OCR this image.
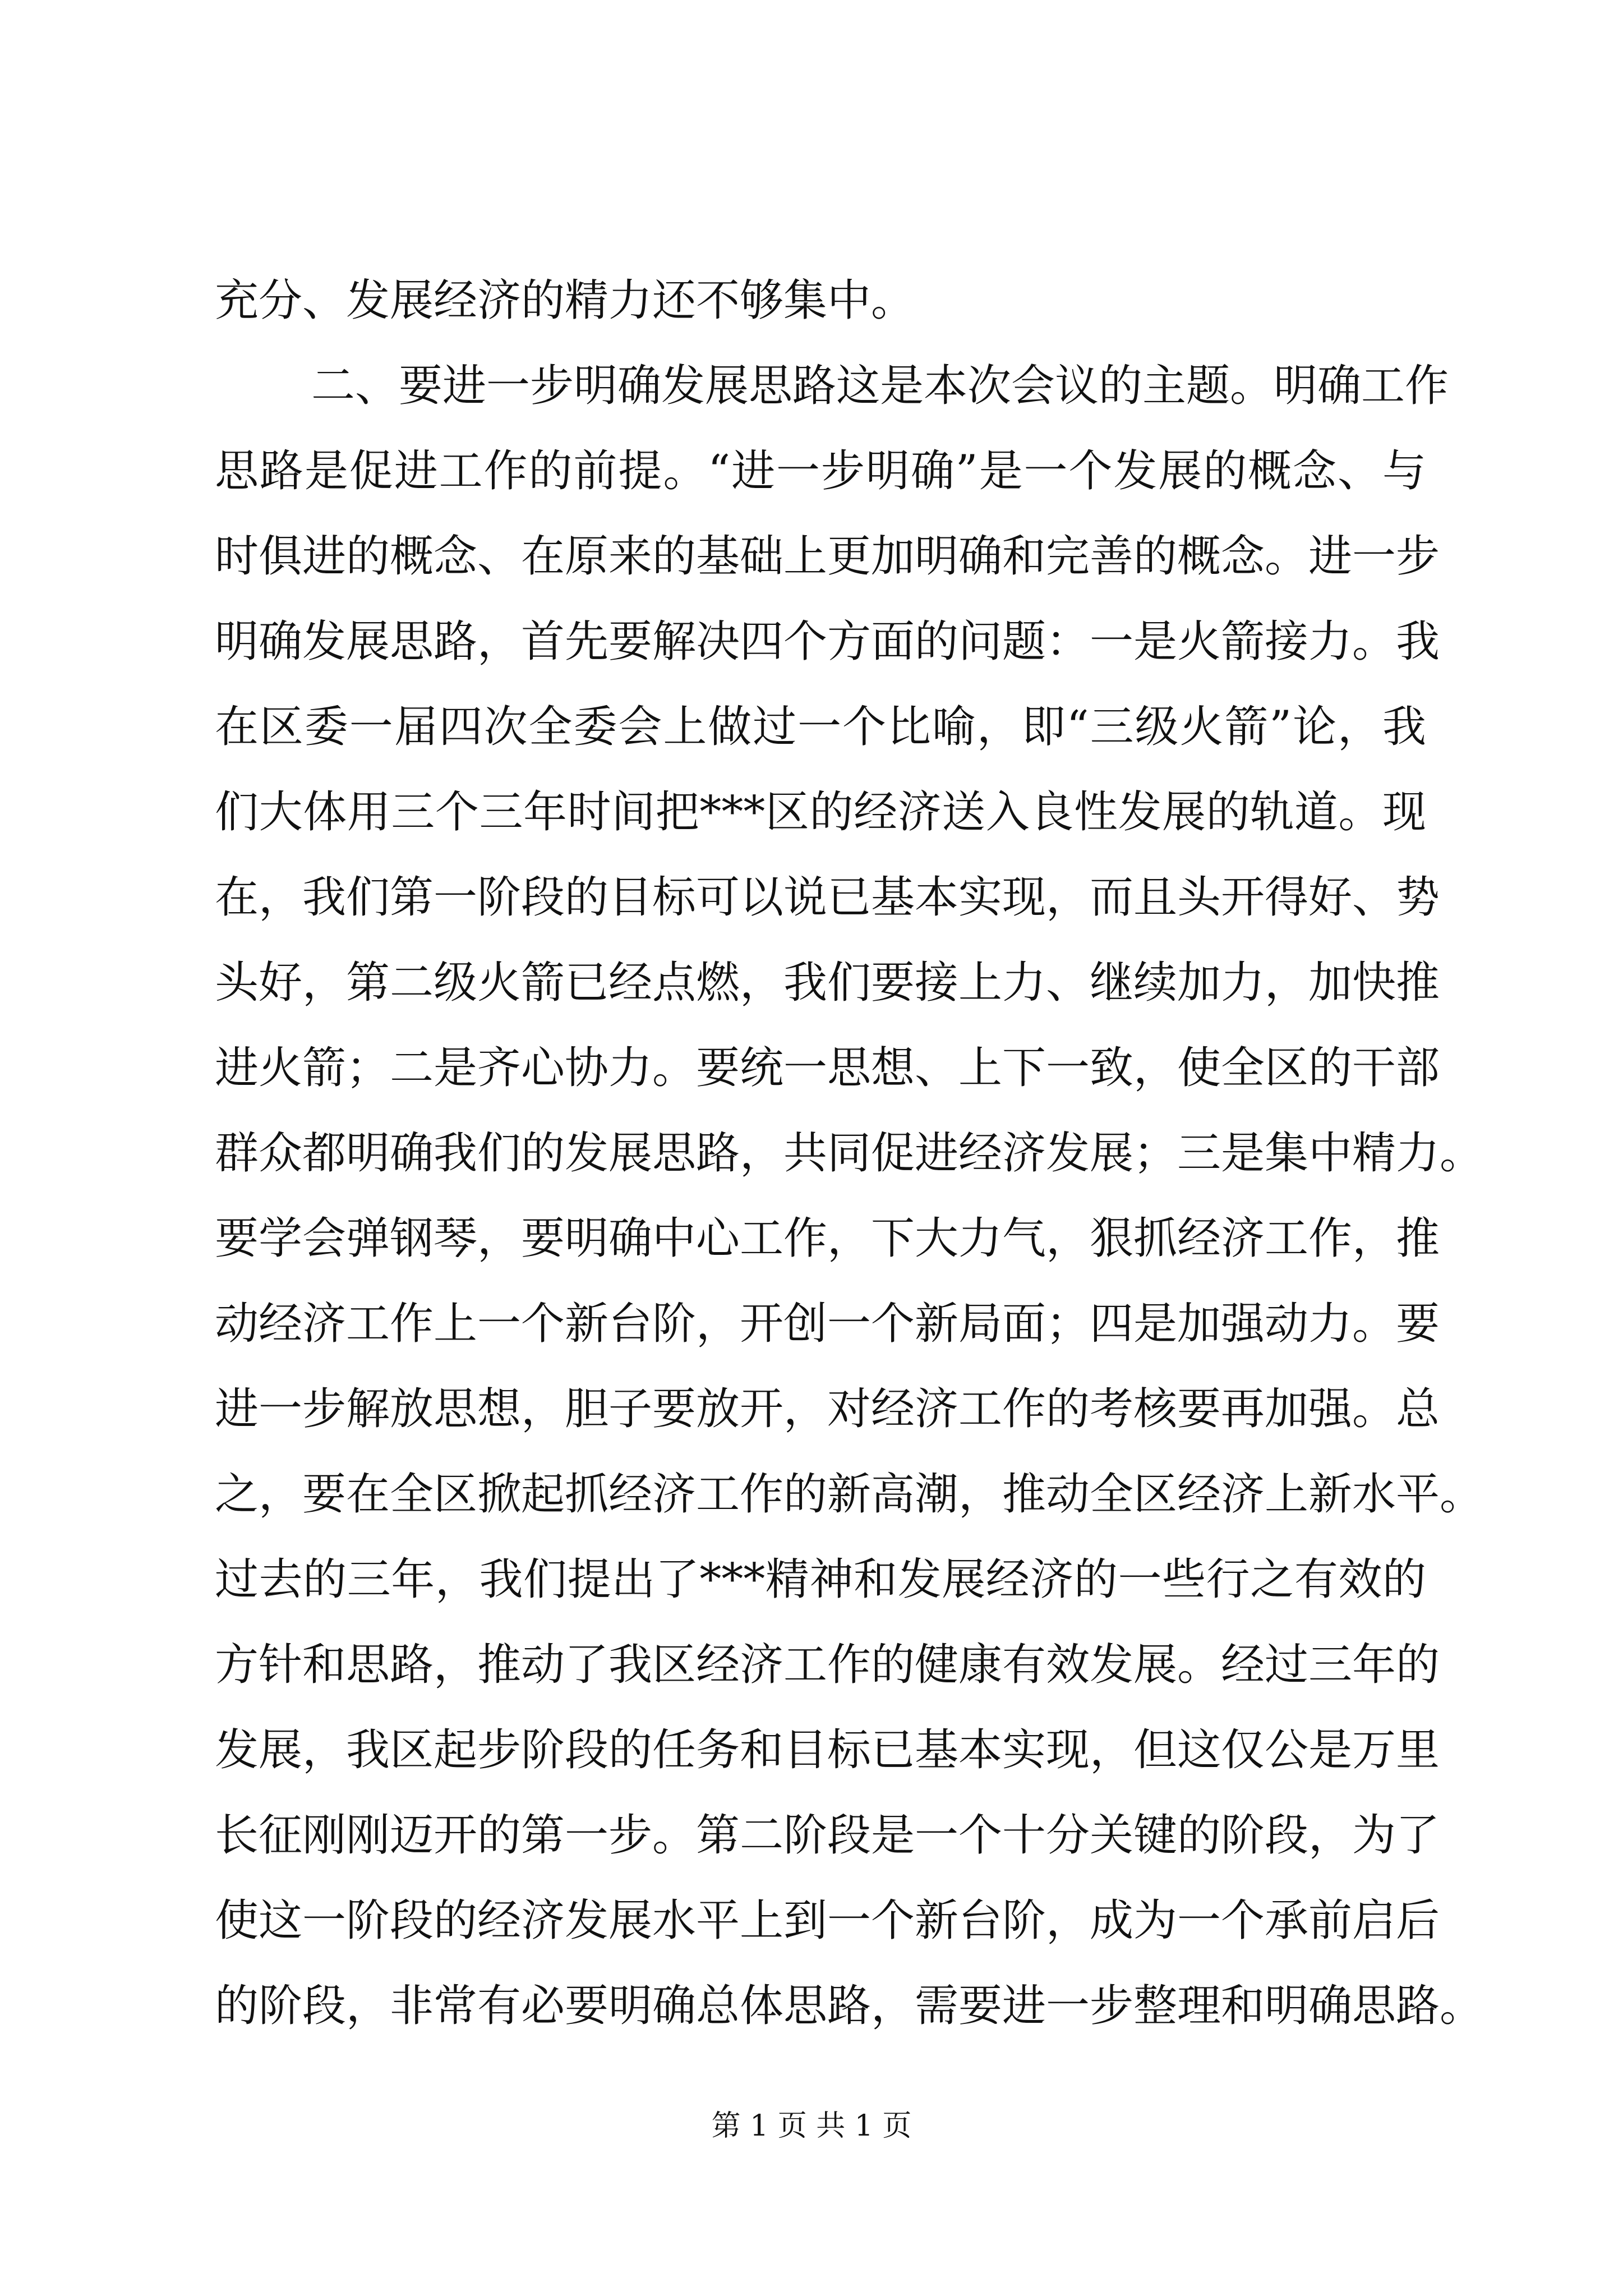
充分、发展经济的精力还不够集中。
二、要进一步明确发展思路这是本次会议的主题。明确工作
思路是促进工作的前提。“进一步明确”是一个发展的概念、与
时俱进的概念、在原来的基础上更加明确和完善的概念。进一步
明确发展思路，首先要解决四个方面的问题：一是火箭接力。我
在区委一届四次全委会上做过一个比喻，即“三级火箭”论，我
们大体用三个三年时间把***区的经济送入良性发展的轨道。现
在，我们第一阶段的目标可以说已基本实现，而且头开得好、势
头好，第二级火箭已经点燃，我们要接上力、继续加力，加快推
进火箭；二是齐心协力。要统一思想、上下一致，使全区的干部
群众都明确我们的发展思路，共同促进经济发展；三是集中精力。
要学会弹钢琴，要明确中心工作，下大力气，狠抓经济工作，推
动经济工作上一个新台阶，开创一个新局面；四是加强动力。要
进一步解放思想，胆子要放开，对经济工作的考核要再加强。总
之，要在全区掀起抓经济工作的新高潮，推动全区经济上新水平。
过去的三年，我们提出了***精神和发展经济的一些行之有效的
方针和思路，推动了我区经济工作的健康有效发展。经过三年的
发展，我区起步阶段的任务和目标已基本实现，但这仅公是万里
长征刚刚迈开的第一步。第二阶段是一个十分关键的阶段，为了
使这一阶段的经济发展水平上到一个新台阶，成为一个承前启后
的阶段，非常有必要明确总体思路，需要进一步整理和明确思路。
第 1 页 共 1 页
